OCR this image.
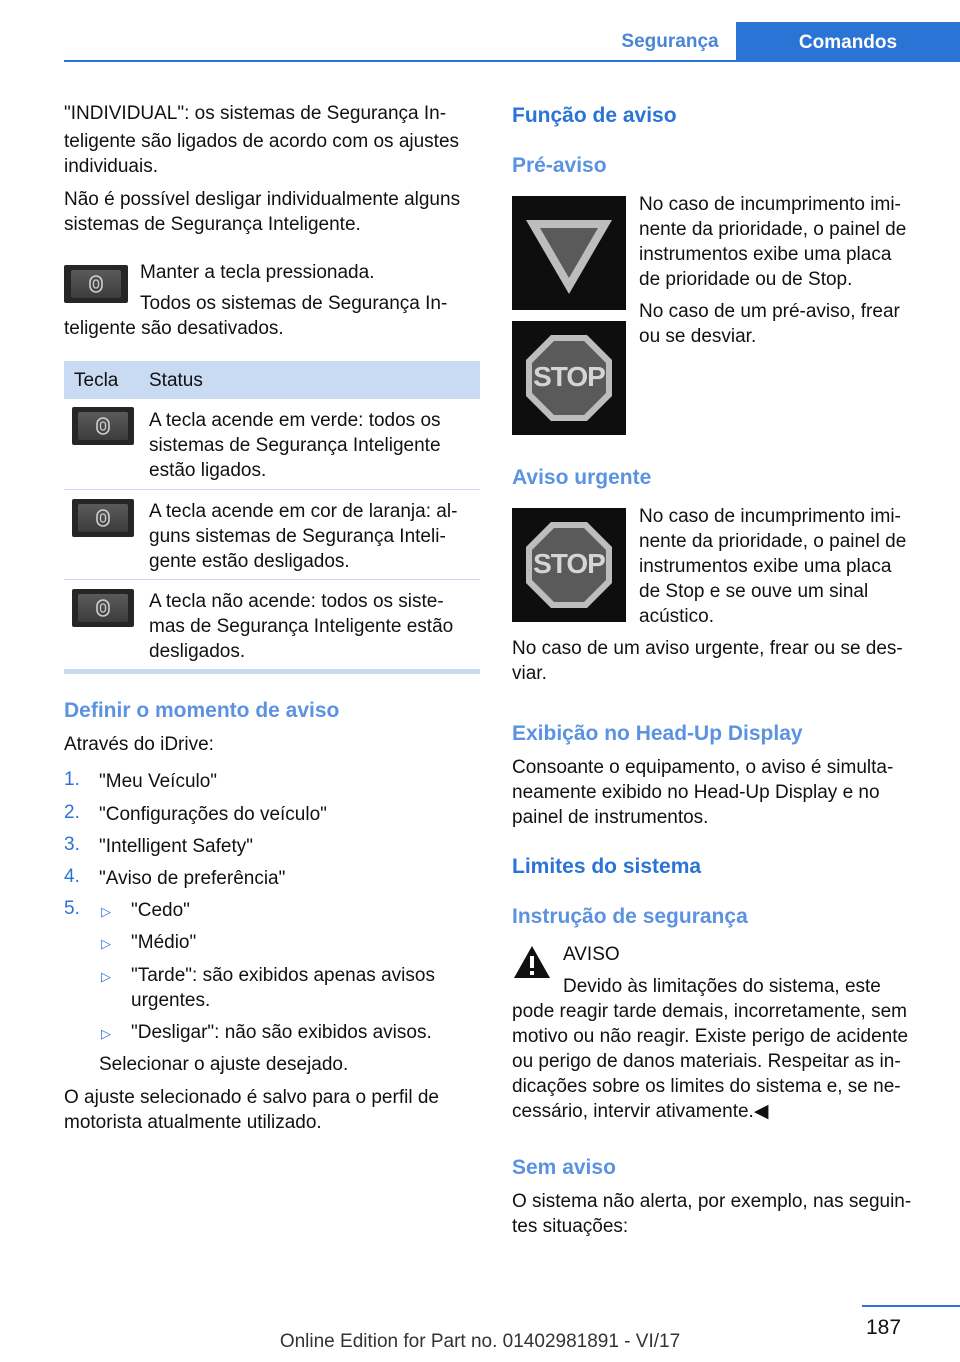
Segurança	Comandos

"INDIVIDUAL": os sistemas de Segurança In-

teligente são ligados de acordo com os ajustes

individuais.

Não é possível desligar individualmente alguns

sistemas de Segurança Inteligente.

Manter a tecla pressionada.

Todos os sistemas de Segurança In-

teligente são desativados.

Tecla Status

A tecla acende em verde: todos os

sistemas de Segurança Inteligente

estão ligados.

A tecla acende em cor de laranja: al-

guns sistemas de Segurança Inteli-

gente estão desligados.

A tecla não acende: todos os siste-

mas de Segurança Inteligente estão

desligados.

Definir o momento de aviso

Através do iDrive:

1. "Meu Veículo"
2. "Configurações do veículo"
3. "Intelligent Safety"
4. "Aviso de preferência"
5. ▷ "Cedo"
▷ "Médio"
▷ "Tarde": são exibidos apenas avisos
urgentes.
▷ "Desligar": não são exibidos avisos.

Selecionar o ajuste desejado.

O ajuste selecionado é salvo para o perfil de

motorista atualmente utilizado.

Função de aviso
Pré-aviso
STOP

No caso de incumprimento imi-

nente da prioridade, o painel de

instrumentos exibe uma placa

de prioridade ou de Stop.

No caso de um pré-aviso, frear

ou se desviar.

Aviso urgente
STOP

No caso de incumprimento imi-

nente da prioridade, o painel de

instrumentos exibe uma placa

de Stop e se ouve um sinal

acústico.

No caso de um aviso urgente, frear ou se des-

viar.

Exibição no Head-Up Display

Consoante o equipamento, o aviso é simulta-

neamente exibido no Head-Up Display e no

painel de instrumentos.

Limites do sistema
Instrução de segurança

AVISO

Devido às limitações do sistema, este

pode reagir tarde demais, incorretamente, sem

motivo ou não reagir. Existe perigo de acidente

ou perigo de danos materiais. Respeitar as in-

dicações sobre os limites do sistema e, se ne-

cessário, intervir ativamente.◀

Sem aviso

O sistema não alerta, por exemplo, nas seguin-

tes situações:

187
Online Edition for Part no. 01402981891 - VI/17
